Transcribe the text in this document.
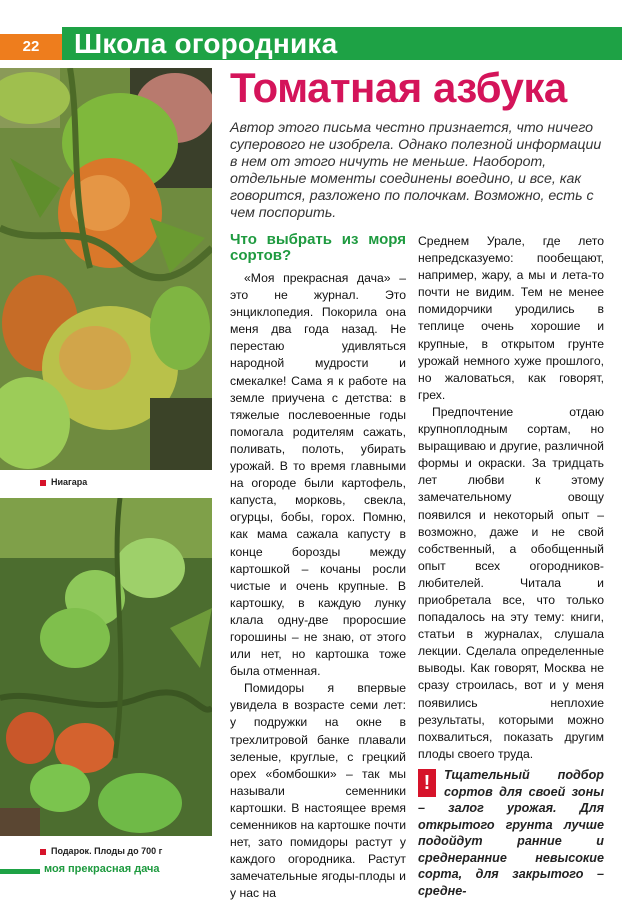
22	Школа огородника
Ниагара
Подарок. Плоды до 700 г
Томатная азбука
Автор этого письма честно признается, что ничего суперового не изобрела. Однако полезной информации в нем от этого ничуть не меньше. Наоборот, отдельные моменты соединены воедино, и все, как говорится, разложено по полочкам. Возможно, есть с чем поспорить.
Что выбрать из моря сортов?

«Моя прекрасная дача» – это не журнал. Это энциклопедия. Покорила она меня два года назад. Не перестаю удивляться народной мудрости и смекалке! Сама я к работе на земле приучена с детства: в тяжелые послевоенные годы помогала родителям сажать, поливать, полоть, убирать урожай. В то время главными на огороде были картофель, капуста, морковь, свекла, огурцы, бобы, горох. Помню, как мама сажала капусту в конце борозды между картошкой – кочаны росли чистые и очень крупные. В картошку, в каждую лунку клала одну-две проросшие горошины – не знаю, от этого или нет, но картошка тоже была отменная.

Помидоры я впервые увидела в возрасте семи лет: у подружки на окне в трехлитровой банке плавали зеленые, круглые, с грецкий орех «бомбошки» – так мы называли семенники картошки. В настоящее время семенников на картошке почти нет, зато помидоры растут у каждого огородника. Растут замечательные ягоды-плоды и у нас на

Среднем Урале, где лето непредсказуемо: пообещают, например, жару, а мы и лета-то почти не видим. Тем не менее помидорчики уродились в теплице очень хорошие и крупные, в открытом грунте урожай немного хуже прошлого, но жаловаться, как говорят, грех.

Предпочтение отдаю крупноплодным сортам, но выращиваю и другие, различной формы и окраски. За тридцать лет любви к этому замечательному овощу появился и некоторый опыт – возможно, даже и не свой собственный, а обобщенный опыт всех огородников-любителей. Читала и приобретала все, что только попадалось на эту тему: книги, статьи в журналах, слушала лекции. Сделала определенные выводы. Как говорят, Москва не сразу строилась, вот и у меня появились неплохие результаты, которыми можно похвалиться, показать другим плоды своего труда.

!	Тщательный подбор сортов для своей зоны – залог урожая. Для открытого грунта лучше подойдут ранние и среднеранние невысокие сорта, для закрытого – средне-
моя прекрасная дача
